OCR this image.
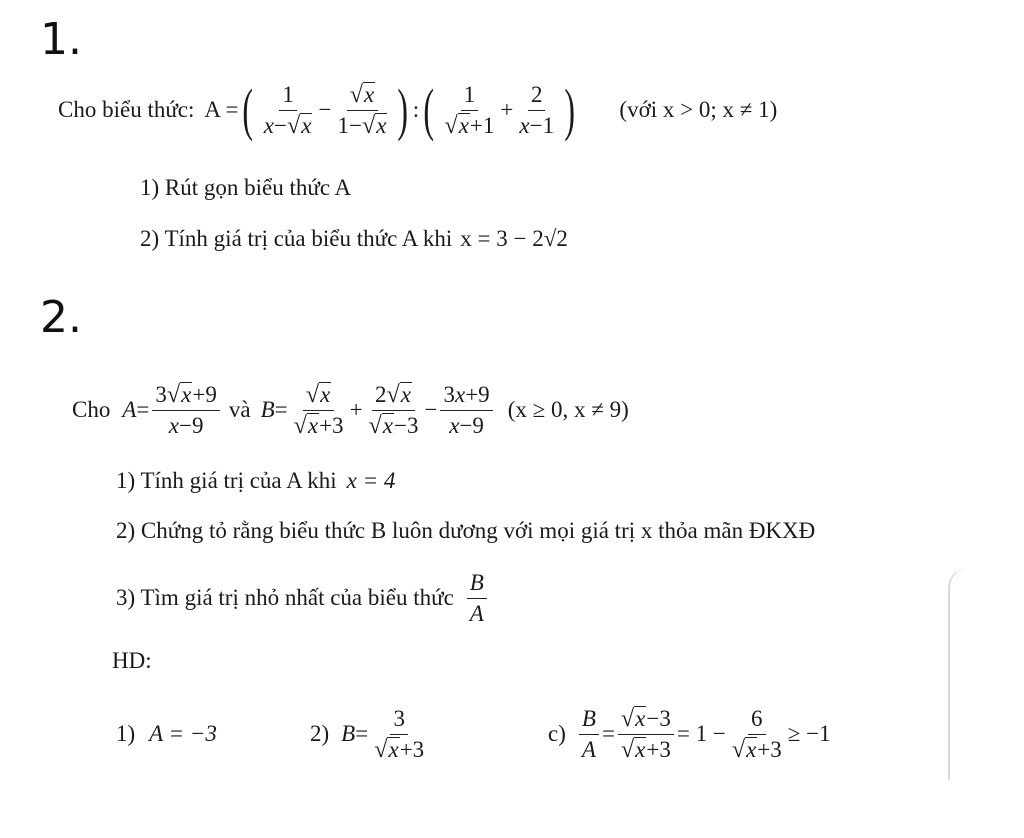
1.
Cho biểu thức: A = ( $\frac{1}{x- √ x} - \frac{√ x}{1- √ x}$ ) : ( $\frac{1}{√ x +1} + \frac{2}{x-1}$ ) (với x > 0; x ≠ 1)
1) Rút gọn biểu thức A
2) Tính giá trị của biểu thức A khi x = 3 − 2√2
2.
Cho $A = \frac{3 √ x +9}{x-9}$ và $B = \frac{√ x}{√ x +3} + \frac{2 √ x}{√ x -3} - \frac{3x+9}{x-9} (x \ge 0$, x ≠ 9)
1) Tính giá trị của A khi x = 4
2) Chứng tỏ rằng biểu thức B luôn dương với mọi giá trị x thỏa mãn ĐKXĐ
3) Tìm giá trị nhỏ nhất của biểu thức $\frac{B}{A}$
HD:
1) A = −3	2) $B = \frac{3}{√ x +3}$	$c) \frac{B}{A} = \frac{√ x -3}{√ x +3} = 1 - \frac{6}{√ x +3} \ge -1$
